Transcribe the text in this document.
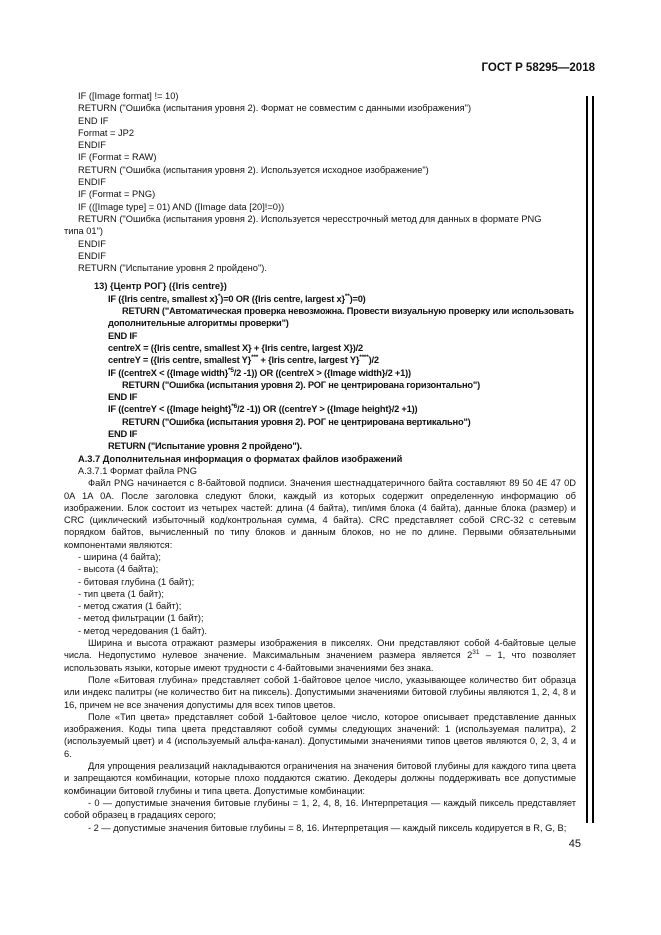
ГОСТ Р 58295—2018

IF ([Image format] != 10)

RETURN ("Ошибка (испытания уровня 2). Формат не совместим с данными изображения")

END IF

Format = JP2

ENDIF

IF (Format = RAW)

RETURN ("Ошибка (испытания уровня 2). Используется исходное изображение")

ENDIF

IF (Format = PNG)

IF (([Image type] = 01) AND ([Image data [20]!=0))

RETURN ("Ошибка (испытания уровня 2). Используется чересстрочный метод для данных в формате PNG

типа 01")

ENDIF

ENDIF

RETURN ("Испытание уровня 2 пройдено").

13) {Центр РОГ} ({Iris centre})

IF ({Iris centre, smallest x}*)=0 OR ({Iris centre, largest x}**)=0)

RETURN ("Автоматическая проверка невозможна. Провести визуальную проверку или использовать

дополнительные алгоритмы проверки")

END IF

centreX = ({Iris centre, smallest X} + {Iris centre, largest X})/2

centreY = ({Iris centre, smallest Y}*** + {Iris centre, largest Y}****)/2

IF ((centreX < ({Image width}$^{*5}$/2 -1)) OR ((centreX > ({Image width}/2 +1))

RETURN ("Ошибка (испытания уровня 2). РОГ не центрирована горизонтально")

END IF

IF ((centreY < ({Image height}$^{*6}$/2 -1)) OR ((centreY > ({Image height}/2 +1))

RETURN ("Ошибка (испытания уровня 2). РОГ не центрирована вертикально")

END IF

RETURN ("Испытание уровня 2 пройдено").

A.3.7 Дополнительная информация о форматах файлов изображений

A.3.7.1 Формат файла PNG

Файл PNG начинается с 8-байтовой подписи. Значения шестнадцатеричного байта составляют 89 50 4E 47 0D 0A 1A 0A. После заголовка следуют блоки, каждый из которых содержит определенную информацию об изображении. Блок состоит из четырех частей: длина (4 байта), тип/имя блока (4 байта), данные блока (размер) и CRC (циклический избыточный код/контрольная сумма, 4 байта). CRC представляет собой CRC-32 с сетевым порядком байтов, вычисленный по типу блоков и данным блоков, но не по длине. Первыми обязательными компонентами являются:

- ширина (4 байта);

- высота (4 байта);

- битовая глубина (1 байт);

- тип цвета (1 байт);

- метод сжатия (1 байт);

- метод фильтрации (1 байт);

- метод чередования (1 байт).

Ширина и высота отражают размеры изображения в пикселях. Они представляют собой 4-байтовые целые числа. Недопустимо нулевое значение. Максимальным значением размера является $2^{31} - 1$, что позволяет использовать языки, которые имеют трудности с 4-байтовыми значениями без знака.

Поле «Битовая глубина» представляет собой 1-байтовое целое число, указывающее количество бит образца или индекс палитры (не количество бит на пиксель). Допустимыми значениями битовой глубины являются 1, 2, 4, 8 и 16, причем не все значения допустимы для всех типов цветов.

Поле «Тип цвета» представляет собой 1-байтовое целое число, которое описывает представление данных изображения. Коды типа цвета представляют собой суммы следующих значений: 1 (используемая палитра), 2 (используемый цвет) и 4 (используемый альфа-канал). Допустимыми значениями типов цветов являются 0, 2, 3, 4 и 6.

Для упрощения реализаций накладываются ограничения на значения битовой глубины для каждого типа цвета и запрещаются комбинации, которые плохо поддаются сжатию. Декодеры должны поддерживать все допустимые комбинации битовой глубины и типа цвета. Допустимые комбинации:

- 0 — допустимые значения битовые глубины = 1, 2, 4, 8, 16. Интерпретация — каждый пиксель представляет собой образец в градациях серого;

- 2 — допустимые значения битовые глубины = 8, 16. Интерпретация — каждый пиксель кодируется в R, G, B;

45
